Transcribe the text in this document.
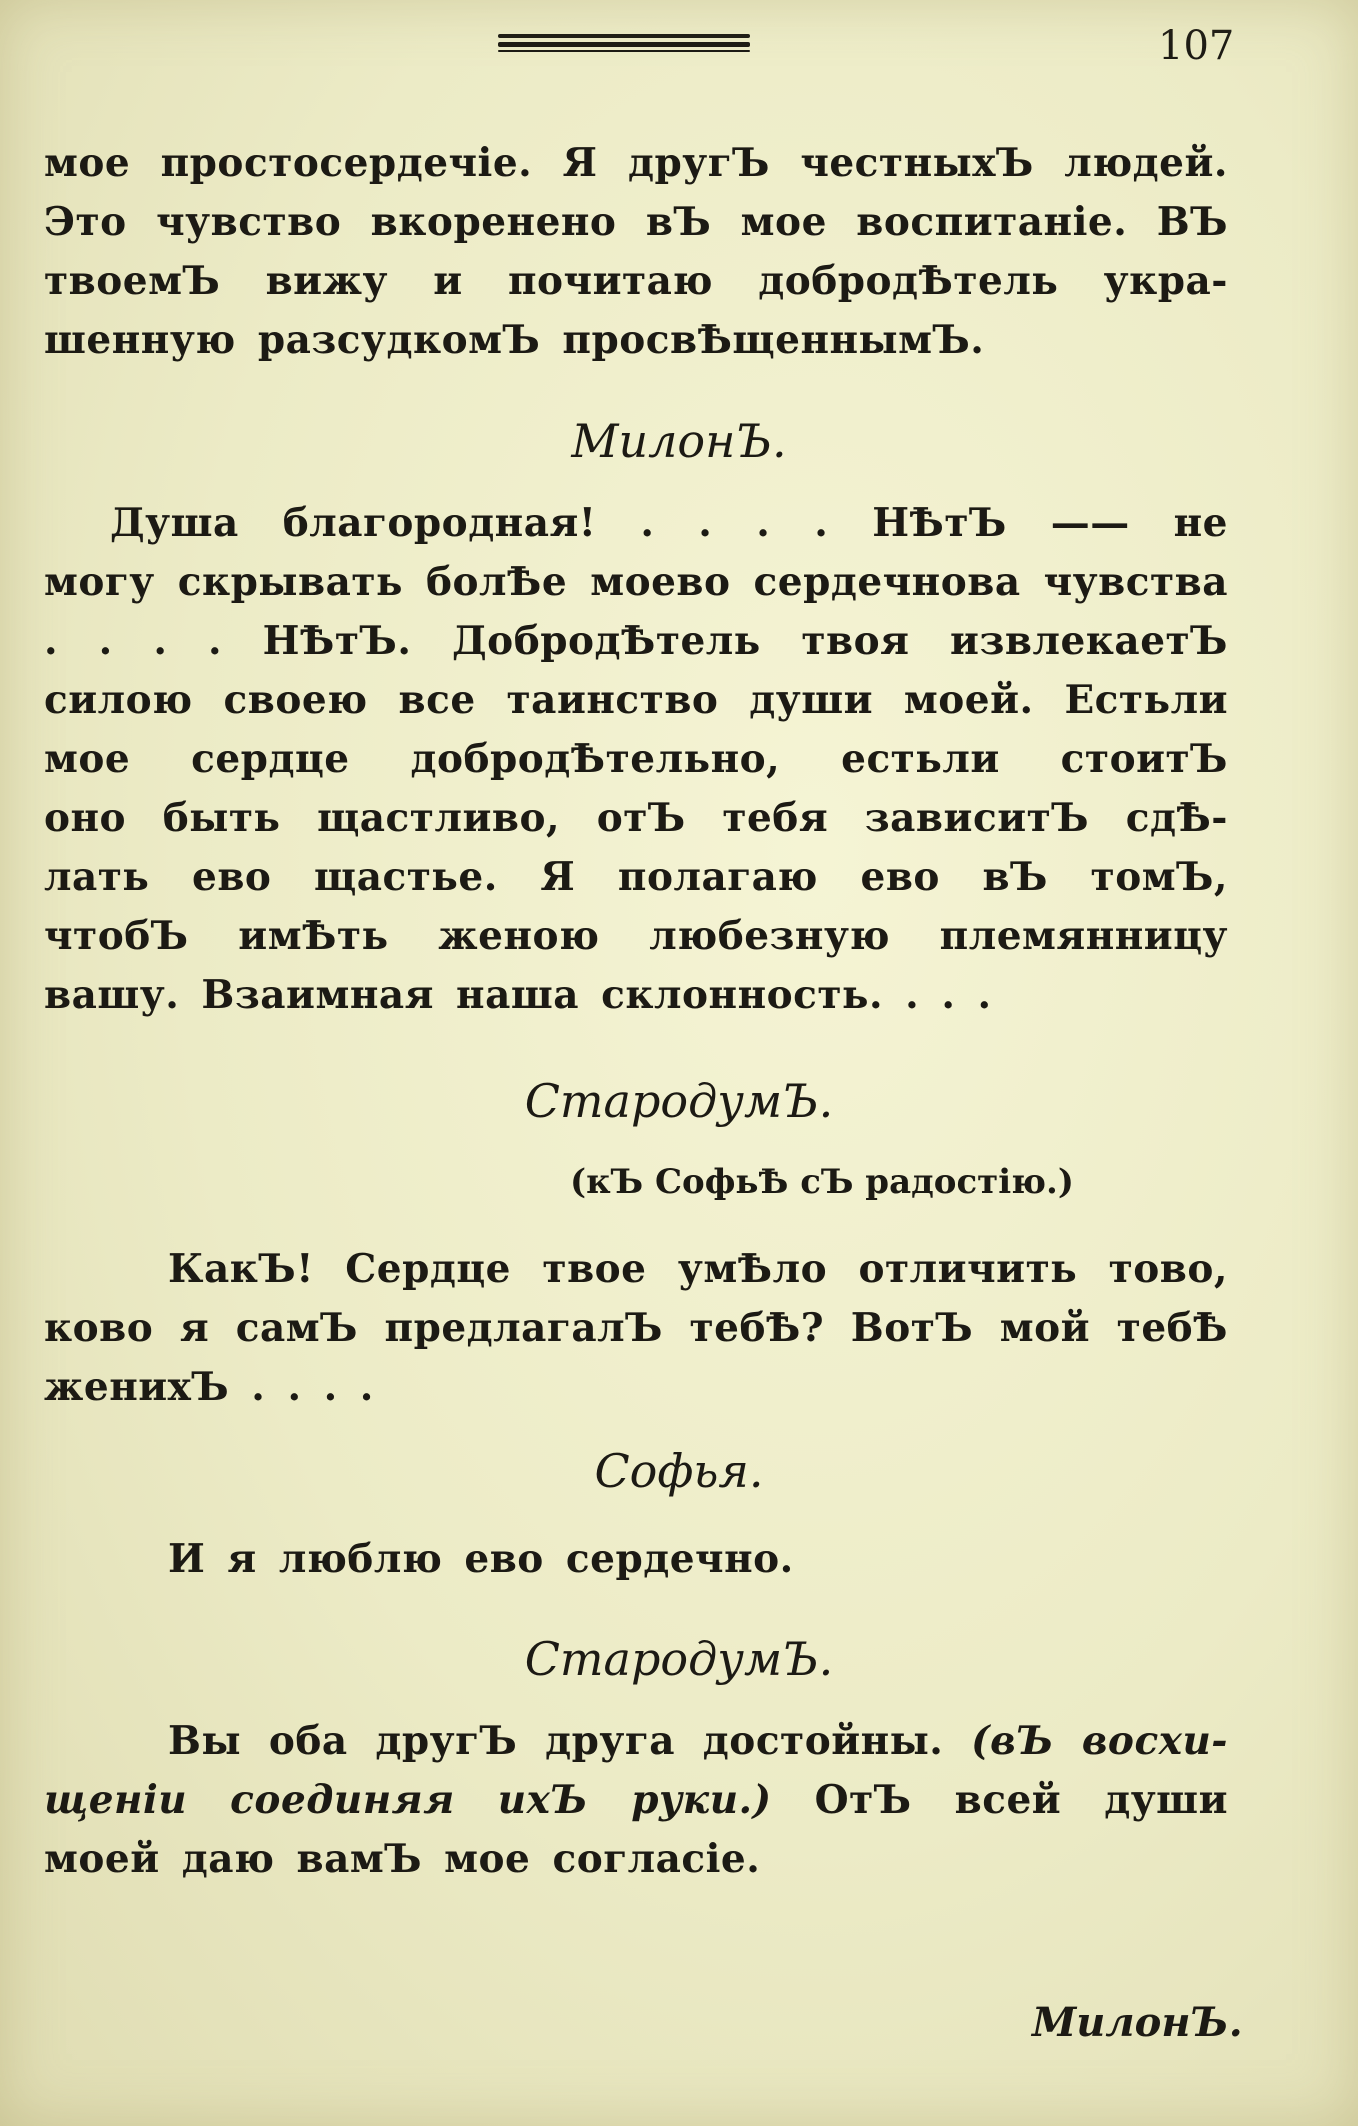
107
мое простосердечіе. Я другЪ честныхЪ людей.
Это чувство вкоренено вЪ мое воспитаніе. ВЪ
твоемЪ вижу и почитаю добродѢтель укра-
шенную разсудкомЪ просвѢщеннымЪ.
МилонЪ.
Душа благородная! . . . . НѢтЪ —— не
могу скрывать болѢе моево сердечнова чувства
. . . . НѢтЪ. ДобродѢтель твоя извлекаетЪ
силою своею все таинство души моей. Естьли
мое сердце добродѢтельно, естьли стоитЪ
оно быть щастливо, отЪ тебя зависитЪ сдѢ-
лать ево щастье. Я полагаю ево вЪ томЪ,
чтобЪ имѢть женою любезную племянницу
вашу. Взаимная наша склонность. . . .
СтародумЪ.
(кЪ СофьѢ сЪ радостію.)
КакЪ! Сердце твое умѢло отличить тово,
ково я самЪ предлагалЪ тебѢ? ВотЪ мой тебѢ
женихЪ . . . .
Софья.
И я люблю ево сердечно.
СтародумЪ.
Вы оба другЪ друга достойны. (вЪ восхи-
щеніи соединяя ихЪ руки.) ОтЪ всей души
моей даю вамЪ мое согласіе.
МилонЪ.
